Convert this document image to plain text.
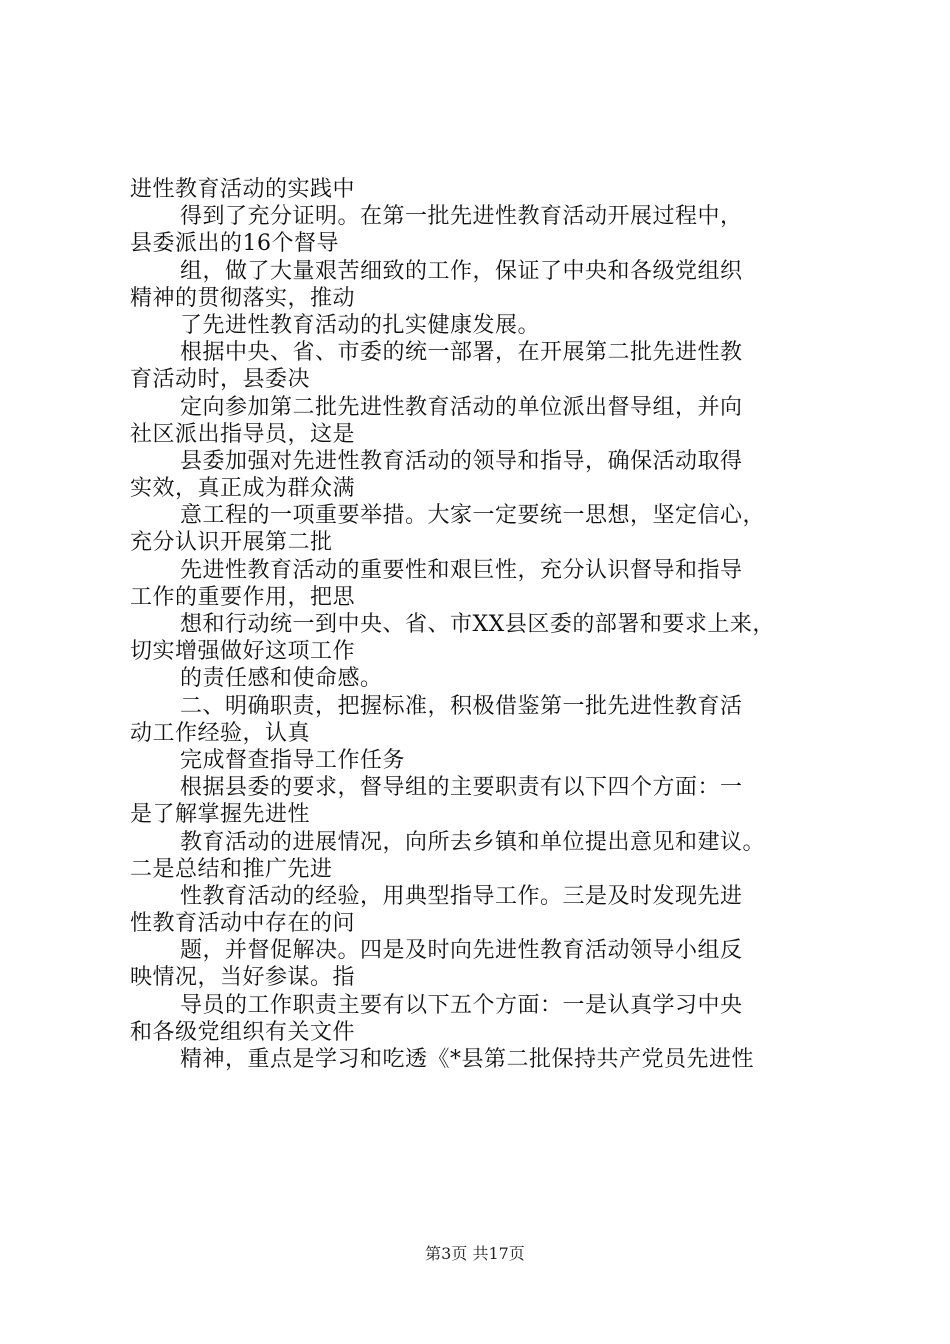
进性教育活动的实践中
得到了充分证明。在第一批先进性教育活动开展过程中，
县委派出的16个督导
组，做了大量艰苦细致的工作，保证了中央和各级党组织
精神的贯彻落实，推动
了先进性教育活动的扎实健康发展。
根据中央、省、市委的统一部署，在开展第二批先进性教
育活动时，县委决
定向参加第二批先进性教育活动的单位派出督导组，并向
社区派出指导员，这是
县委加强对先进性教育活动的领导和指导，确保活动取得
实效，真正成为群众满
意工程的一项重要举措。大家一定要统一思想，坚定信心，
充分认识开展第二批
先进性教育活动的重要性和艰巨性，充分认识督导和指导
工作的重要作用，把思
想和行动统一到中央、省、市XX县区委的部署和要求上来，
切实增强做好这项工作
的责任感和使命感。
二、明确职责，把握标准，积极借鉴第一批先进性教育活
动工作经验，认真
完成督查指导工作任务
根据县委的要求，督导组的主要职责有以下四个方面：一
是了解掌握先进性
教育活动的进展情况，向所去乡镇和单位提出意见和建议。
二是总结和推广先进
性教育活动的经验，用典型指导工作。三是及时发现先进
性教育活动中存在的问
题，并督促解决。四是及时向先进性教育活动领导小组反
映情况，当好参谋。指
导员的工作职责主要有以下五个方面：一是认真学习中央
和各级党组织有关文件
精神，重点是学习和吃透《*县第二批保持共产党员先进性
第3页 共17页
